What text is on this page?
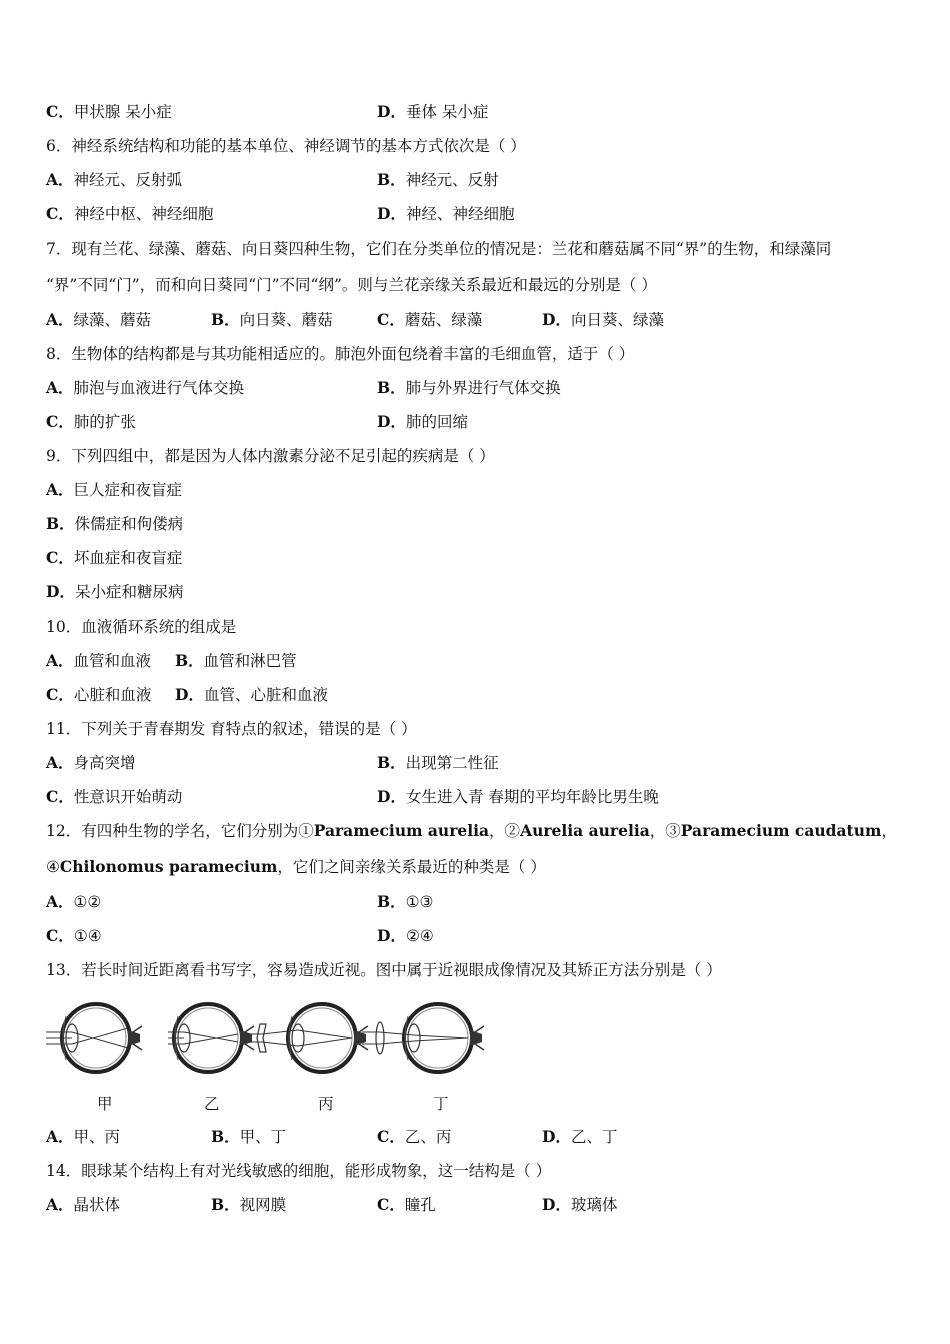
C．甲状腺 呆小症	D．垂体 呆小症
6．神经系统结构和功能的基本单位、神经调节的基本方式依次是（ ）
A．神经元、反射弧	B．神经元、反射
C．神经中枢、神经细胞	D．神经、神经细胞
7．现有兰花、绿藻、蘑菇、向日葵四种生物，它们在分类单位的情况是：兰花和蘑菇属不同“界”的生物，和绿藻同
“界”不同“门”，而和向日葵同“门”不同“纲”。则与兰花亲缘关系最近和最远的分别是（ ）
A．绿藻、蘑菇	B．向日葵、蘑菇	C．蘑菇、绿藻	D．向日葵、绿藻
8．生物体的结构都是与其功能相适应的。肺泡外面包绕着丰富的毛细血管，适于（ ）
A．肺泡与血液进行气体交换	B．肺与外界进行气体交换
C．肺的扩张	D．肺的回缩
9．下列四组中，都是因为人体内激素分泌不足引起的疾病是（ ）
A．巨人症和夜盲症
B．侏儒症和佝偻病
C．坏血症和夜盲症
D．呆小症和糖尿病
10．血液循环系统的组成是
A．血管和血液 B．血管和淋巴管
C．心脏和血液 D．血管、心脏和血液
11．下列关于青春期发 育特点的叙述，错误的是（ ）
A．身高突增	B．出现第二性征
C．性意识开始萌动	D．女生进入青 春期的平均年龄比男生晚
12．有四种生物的学名，它们分别为①Paramecium aurelia，②Aurelia aurelia，③Paramecium caudatum，
④Chilonomus paramecium，它们之间亲缘关系最近的种类是（ ）
A．①②	B．①③
C．①④	D．②④
13．若长时间近距离看书写字，容易造成近视。图中属于近视眼成像情况及其矫正方法分别是（ ）
甲	乙	丙	丁
A．甲、丙	B．甲、丁	C．乙、丙	D．乙、丁
14．眼球某个结构上有对光线敏感的细胞，能形成物象，这一结构是（ ）
A．晶状体	B．视网膜	C．瞳孔	D．玻璃体
